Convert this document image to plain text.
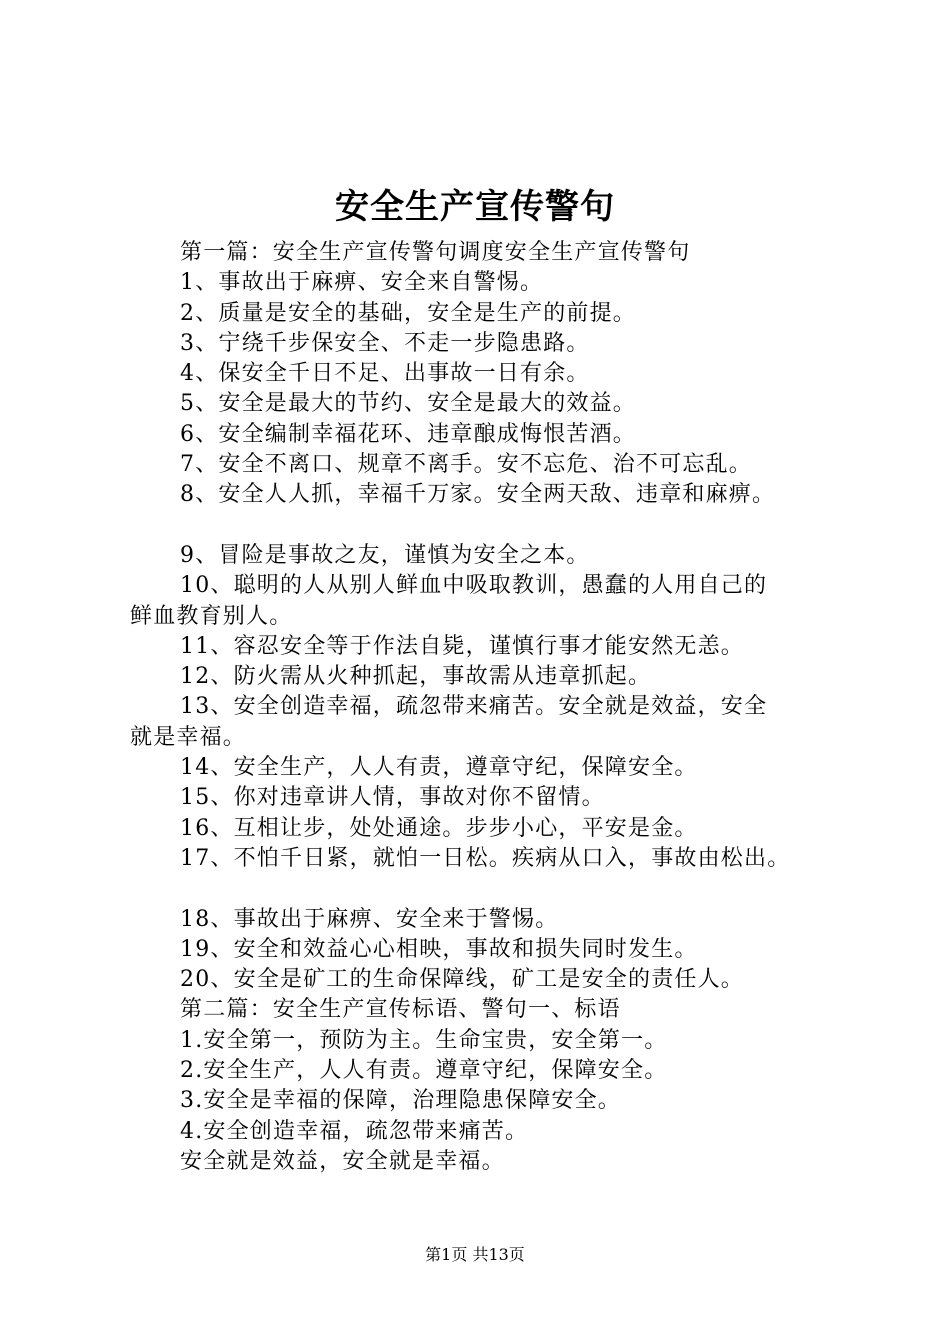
安全生产宣传警句
第一篇：安全生产宣传警句调度安全生产宣传警句
1、事故出于麻痹、安全来自警惕。
2、质量是安全的基础，安全是生产的前提。
3、宁绕千步保安全、不走一步隐患路。
4、保安全千日不足、出事故一日有余。
5、安全是最大的节约、安全是最大的效益。
6、安全编制幸福花环、违章酿成悔恨苦酒。
7、安全不离口、规章不离手。安不忘危、治不可忘乱。
8、安全人人抓，幸福千万家。安全两天敌、违章和麻痹。
9、冒险是事故之友，谨慎为安全之本。
10、聪明的人从别人鲜血中吸取教训，愚蠢的人用自己的
鲜血教育别人。
11、容忍安全等于作法自毙，谨慎行事才能安然无恙。
12、防火需从火种抓起，事故需从违章抓起。
13、安全创造幸福，疏忽带来痛苦。安全就是效益，安全
就是幸福。
14、安全生产，人人有责，遵章守纪，保障安全。
15、你对违章讲人情，事故对你不留情。
16、互相让步，处处通途。步步小心，平安是金。
17、不怕千日紧，就怕一日松。疾病从口入，事故由松出。
18、事故出于麻痹、安全来于警惕。
19、安全和效益心心相映，事故和损失同时发生。
20、安全是矿工的生命保障线，矿工是安全的责任人。
第二篇：安全生产宣传标语、警句一、标语
1.安全第一，预防为主。生命宝贵，安全第一。
2.安全生产，人人有责。遵章守纪，保障安全。
3.安全是幸福的保障，治理隐患保障安全。
4.安全创造幸福，疏忽带来痛苦。
安全就是效益，安全就是幸福。
第1页 共13页
